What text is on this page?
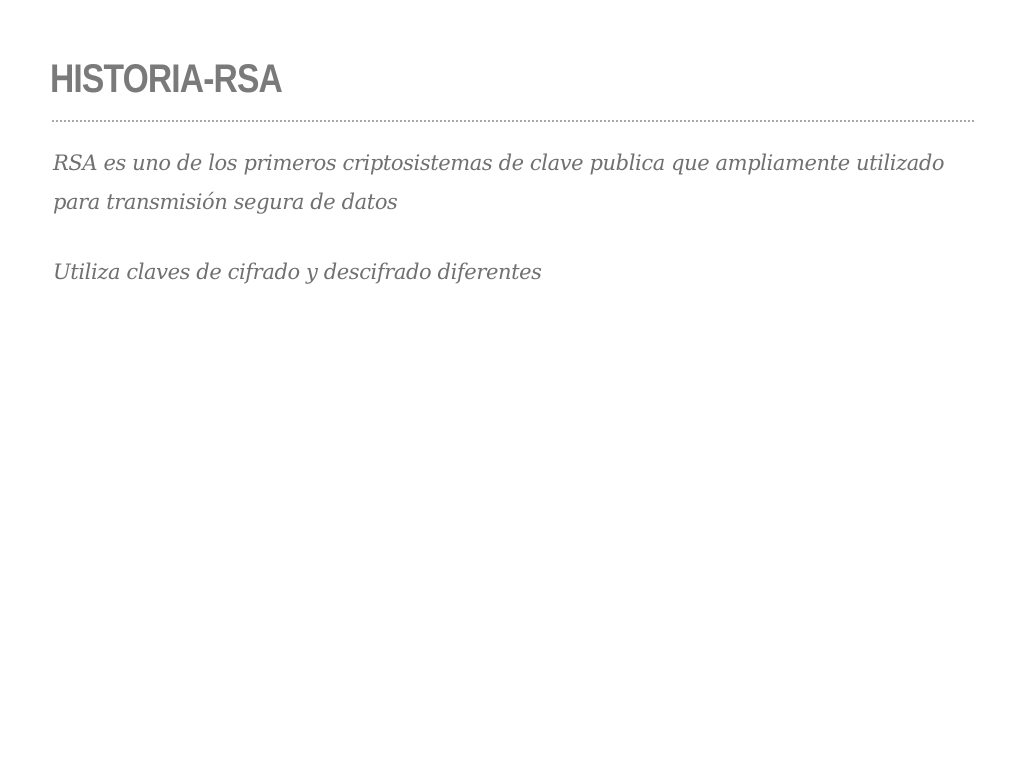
HISTORIA-RSA

RSA es uno de los primeros criptosistemas de clave publica que ampliamente utilizado para transmisión segura de datos

Utiliza claves de cifrado y descifrado diferentes
